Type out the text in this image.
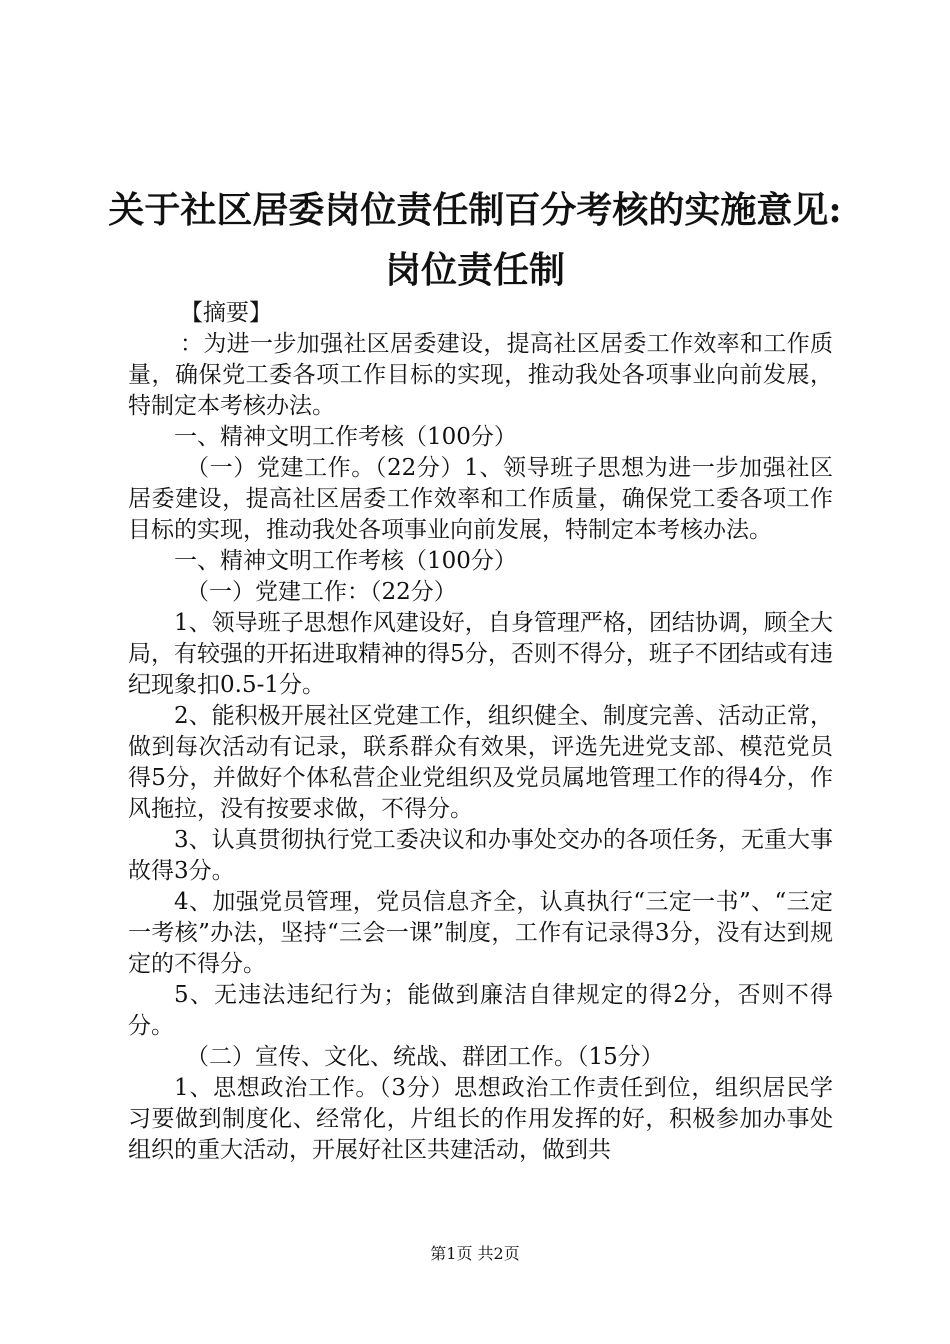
关于社区居委岗位责任制百分考核的实施意见:
岗位责任制

【摘要】

：为进一步加强社区居委建设，提高社区居委工作效率和工作质量，确保党工委各项工作目标的实现，推动我处各项事业向前发展，特制定本考核办法。

一、精神文明工作考核（100分）

（一）党建工作。（22分）1、领导班子思想为进一步加强社区居委建设，提高社区居委工作效率和工作质量，确保党工委各项工作目标的实现，推动我处各项事业向前发展，特制定本考核办法。

一、精神文明工作考核（100分）

（一）党建工作：（22分）

1、领导班子思想作风建设好，自身管理严格，团结协调，顾全大局，有较强的开拓进取精神的得5分，否则不得分，班子不团结或有违纪现象扣0.5-1分。

2、能积极开展社区党建工作，组织健全、制度完善、活动正常，做到每次活动有记录，联系群众有效果，评选先进党支部、模范党员得5分，并做好个体私营企业党组织及党员属地管理工作的得4分，作风拖拉，没有按要求做，不得分。

3、认真贯彻执行党工委决议和办事处交办的各项任务，无重大事故得3分。

4、加强党员管理，党员信息齐全，认真执行“三定一书”、“三定一考核”办法，坚持“三会一课”制度，工作有记录得3分，没有达到规定的不得分。

5、无违法违纪行为；能做到廉洁自律规定的得2分，否则不得分。

（二）宣传、文化、统战、群团工作。（15分）

1、思想政治工作。（3分）思想政治工作责任到位，组织居民学习要做到制度化、经常化，片组长的作用发挥的好，积极参加办事处组织的重大活动，开展好社区共建活动，做到共

第1页 共2页
